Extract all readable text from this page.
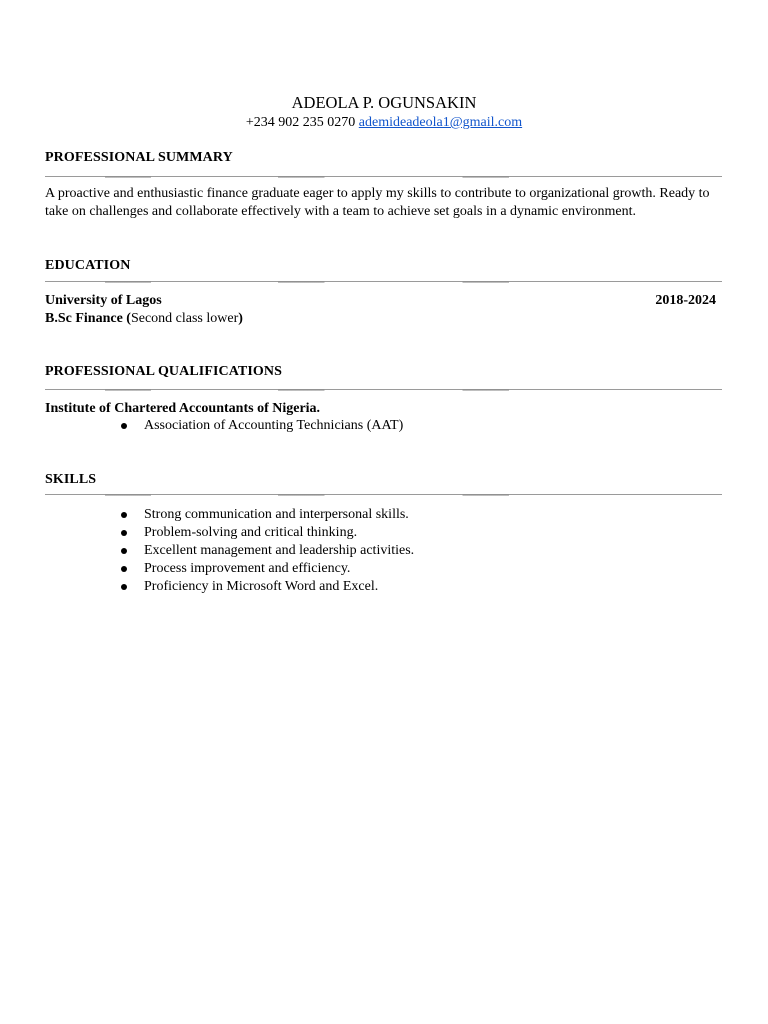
ADEOLA P. OGUNSAKIN
+234 902 235 0270 ademideadeola1@gmail.com
PROFESSIONAL SUMMARY
A proactive and enthusiastic finance graduate eager to apply my skills to contribute to organizational growth. Ready to take on challenges and collaborate effectively with a team to achieve set goals in a dynamic environment.
EDUCATION
University of Lagos	2018-2024
B.Sc Finance (Second class lower)
PROFESSIONAL QUALIFICATIONS
Institute of Chartered Accountants of Nigeria.
Association of Accounting Technicians (AAT)
SKILLS
Strong communication and interpersonal skills.
Problem-solving and critical thinking.
Excellent management and leadership activities.
Process improvement and efficiency.
Proficiency in Microsoft Word and Excel.
